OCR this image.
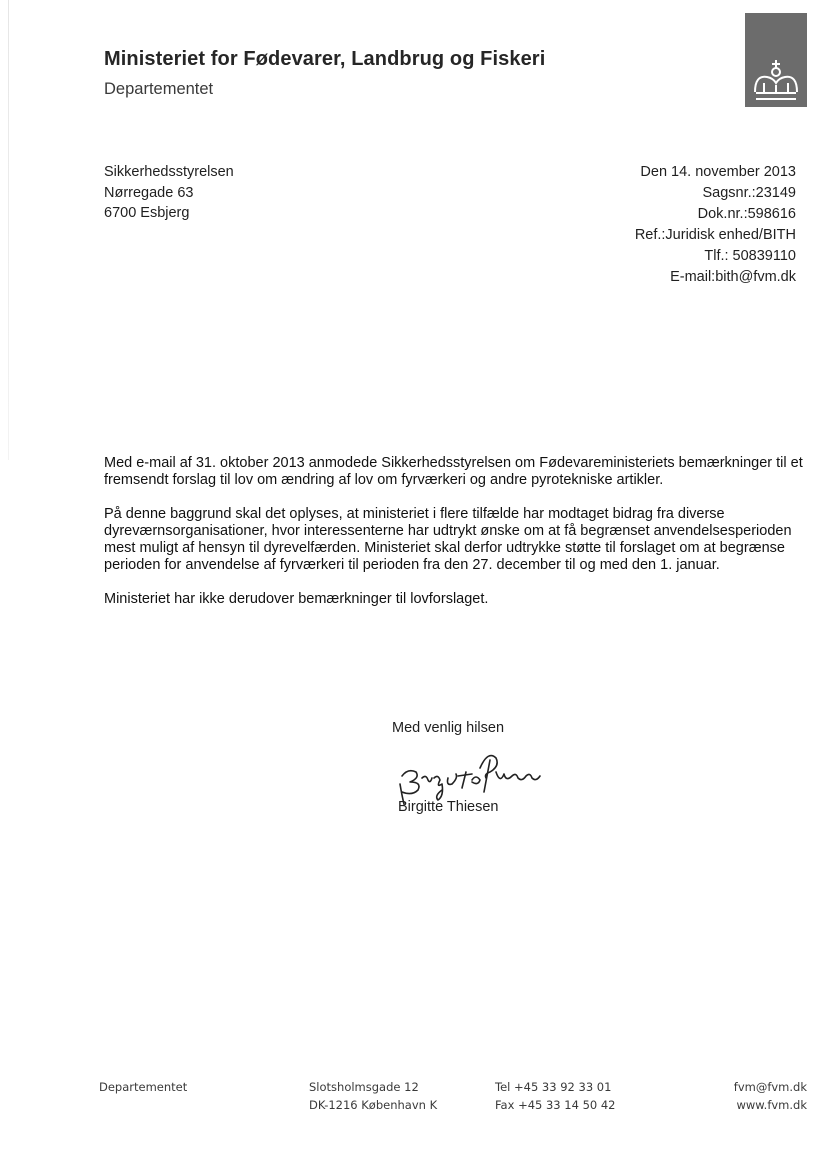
Ministeriet for Fødevarer, Landbrug og Fiskeri
Departementet
Sikkerhedsstyrelsen
Nørregade 63
6700 Esbjerg
Den 14. november 2013
Sagsnr.:23149
Dok.nr.:598616
Ref.:Juridisk enhed/BITH
Tlf.: 50839110
E-mail:bith@fvm.dk

Med e-mail af 31. oktober 2013 anmodede Sikkerhedsstyrelsen om Fødevareministeriets bemærkninger til et fremsendt forslag til lov om ændring af lov om fyrværkeri og andre pyrotekniske artikler.

På denne baggrund skal det oplyses, at ministeriet i flere tilfælde har modtaget bidrag fra diverse dyreværnsorganisationer, hvor interessenterne har udtrykt ønske om at få begrænset anvendelsesperioden mest muligt af hensyn til dyrevelfærden. Ministeriet skal derfor udtrykke støtte til forslaget om at begrænse perioden for anvendelse af fyrværkeri til perioden fra den 27. december til og med den 1. januar.

Ministeriet har ikke derudover bemærkninger til lovforslaget.

Med venlig hilsen
Birgitte Thiesen
Departementet	Slotsholmsgade 12
DK-1216 København K
Tel +45 33 92 33 01
Fax +45 33 14 50 42
fvm@fvm.dk
www.fvm.dk
